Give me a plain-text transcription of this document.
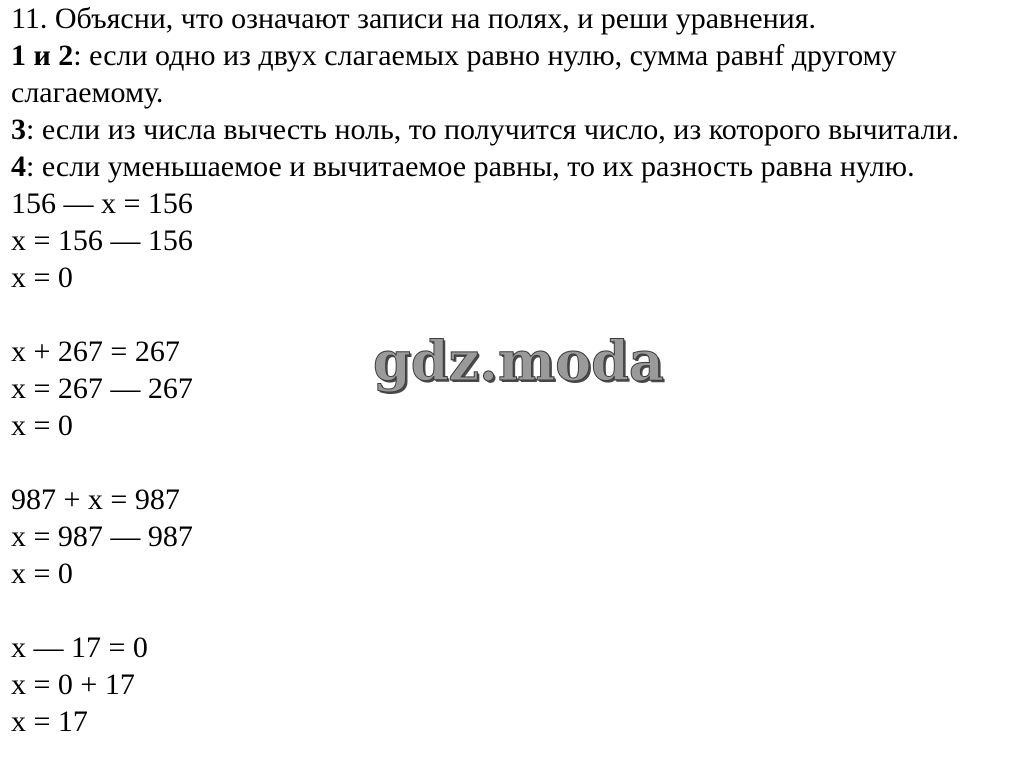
11. Объясни, что означают записи на полях, и реши уравнения.
1 и 2: если одно из двух слагаемых равно нулю, сумма равнf другому слагаемому.
3: если из числа вычесть ноль, то получится число, из которого вычитали.
4: если уменьшаемое и вычитаемое равны, то их разность равна нулю.
156 — x = 156
x = 156 — 156
x = 0
x + 267 = 267
x = 267 — 267
x = 0
987 + x = 987
x = 987 — 987
x = 0
x — 17 = 0
x = 0 + 17
x = 17
gdz.moda
